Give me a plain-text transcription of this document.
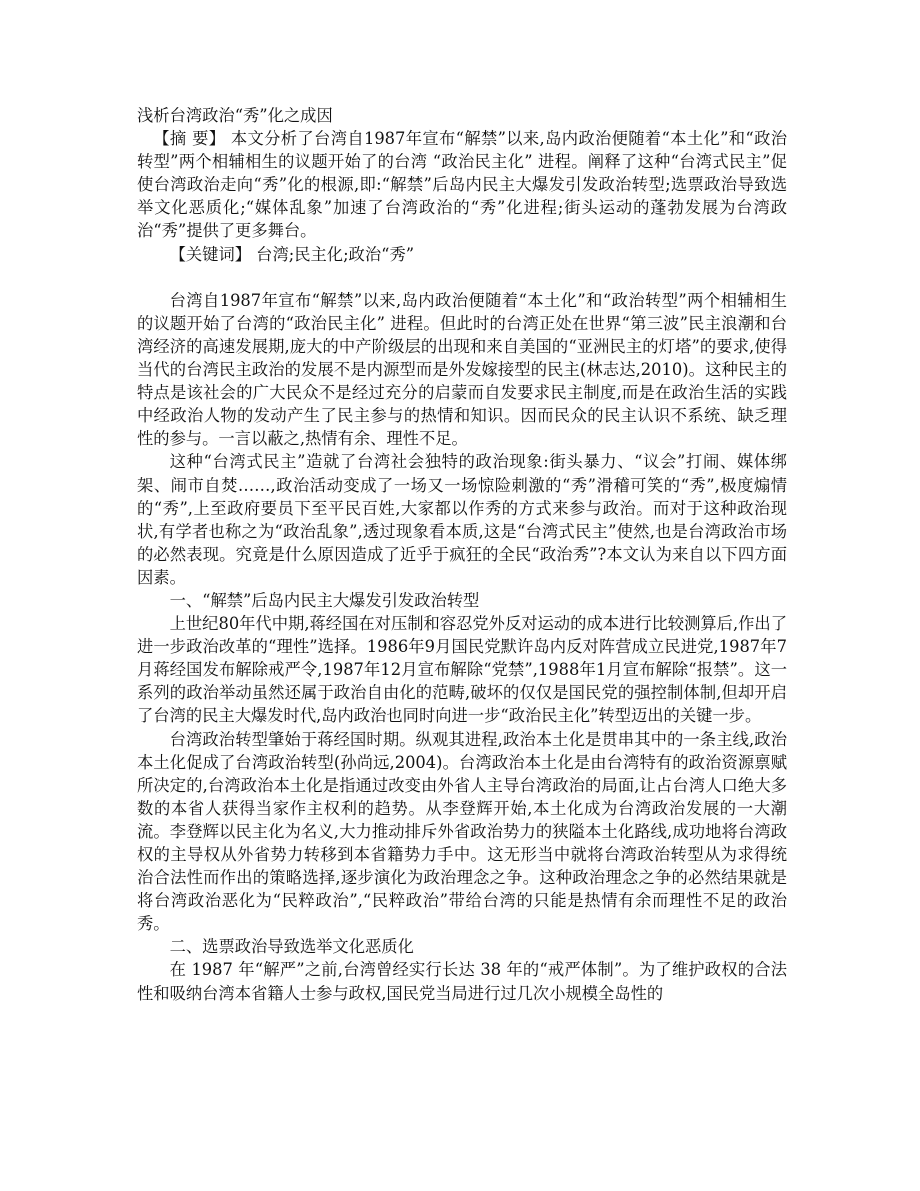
浅析台湾政治“秀”化之成因

【摘 要】 本文分析了台湾自1987年宣布“解禁”以来,岛内政治便随着“本土化”和“政治转型”两个相辅相生的议题开始了的台湾 “政治民主化” 进程。阐释了这种“台湾式民主”促使台湾政治走向“秀”化的根源,即:“解禁”后岛内民主大爆发引发政治转型;选票政治导致选举文化恶质化;“媒体乱象”加速了台湾政治的“秀”化进程;街头运动的蓬勃发展为台湾政治“秀”提供了更多舞台。

【关键词】 台湾;民主化;政治“秀”

台湾自1987年宣布“解禁”以来,岛内政治便随着“本土化”和“政治转型”两个相辅相生的议题开始了台湾的“政治民主化” 进程。但此时的台湾正处在世界“第三波”民主浪潮和台湾经济的高速发展期,庞大的中产阶级层的出现和来自美国的“亚洲民主的灯塔”的要求,使得当代的台湾民主政治的发展不是内源型而是外发嫁接型的民主(林志达,2010)。这种民主的特点是该社会的广大民众不是经过充分的启蒙而自发要求民主制度,而是在政治生活的实践中经政治人物的发动产生了民主参与的热情和知识。因而民众的民主认识不系统、缺乏理性的参与。一言以蔽之,热情有余、理性不足。

这种“台湾式民主”造就了台湾社会独特的政治现象:街头暴力、“议会”打闹、媒体绑架、闹市自焚……,政治活动变成了一场又一场惊险刺激的“秀”滑稽可笑的“秀”,极度煽情的“秀”,上至政府要员下至平民百姓,大家都以作秀的方式来参与政治。而对于这种政治现状,有学者也称之为“政治乱象”,透过现象看本质,这是“台湾式民主”使然,也是台湾政治市场的必然表现。究竟是什么原因造成了近乎于疯狂的全民“政治秀”?本文认为来自以下四方面因素。

一、“解禁”后岛内民主大爆发引发政治转型

上世纪80年代中期,蒋经国在对压制和容忍党外反对运动的成本进行比较测算后,作出了进一步政治改革的“理性”选择。1986年9月国民党默许岛内反对阵营成立民进党,1987年7月蒋经国发布解除戒严令,1987年12月宣布解除“党禁”,1988年1月宣布解除“报禁”。这一系列的政治举动虽然还属于政治自由化的范畴,破坏的仅仅是国民党的强控制体制,但却开启了台湾的民主大爆发时代,岛内政治也同时向进一步“政治民主化”转型迈出的关键一步。

台湾政治转型肇始于蒋经国时期。纵观其进程,政治本土化是贯串其中的一条主线,政治本土化促成了台湾政治转型(孙尚远,2004)。台湾政治本土化是由台湾特有的政治资源禀赋所决定的,台湾政治本土化是指通过改变由外省人主导台湾政治的局面,让占台湾人口绝大多数的本省人获得当家作主权利的趋势。从李登辉开始,本土化成为台湾政治发展的一大潮流。李登辉以民主化为名义,大力推动排斥外省政治势力的狭隘本土化路线,成功地将台湾政权的主导权从外省势力转移到本省籍势力手中。这无形当中就将台湾政治转型从为求得统治合法性而作出的策略选择,逐步演化为政治理念之争。这种政治理念之争的必然结果就是将台湾政治恶化为“民粹政治”,“民粹政治”带给台湾的只能是热情有余而理性不足的政治秀。

二、选票政治导致选举文化恶质化

在 1987 年“解严”之前,台湾曾经实行长达 38 年的“戒严体制”。为了维护政权的合法性和吸纳台湾本省籍人士参与政权,国民党当局进行过几次小规模全岛性的
